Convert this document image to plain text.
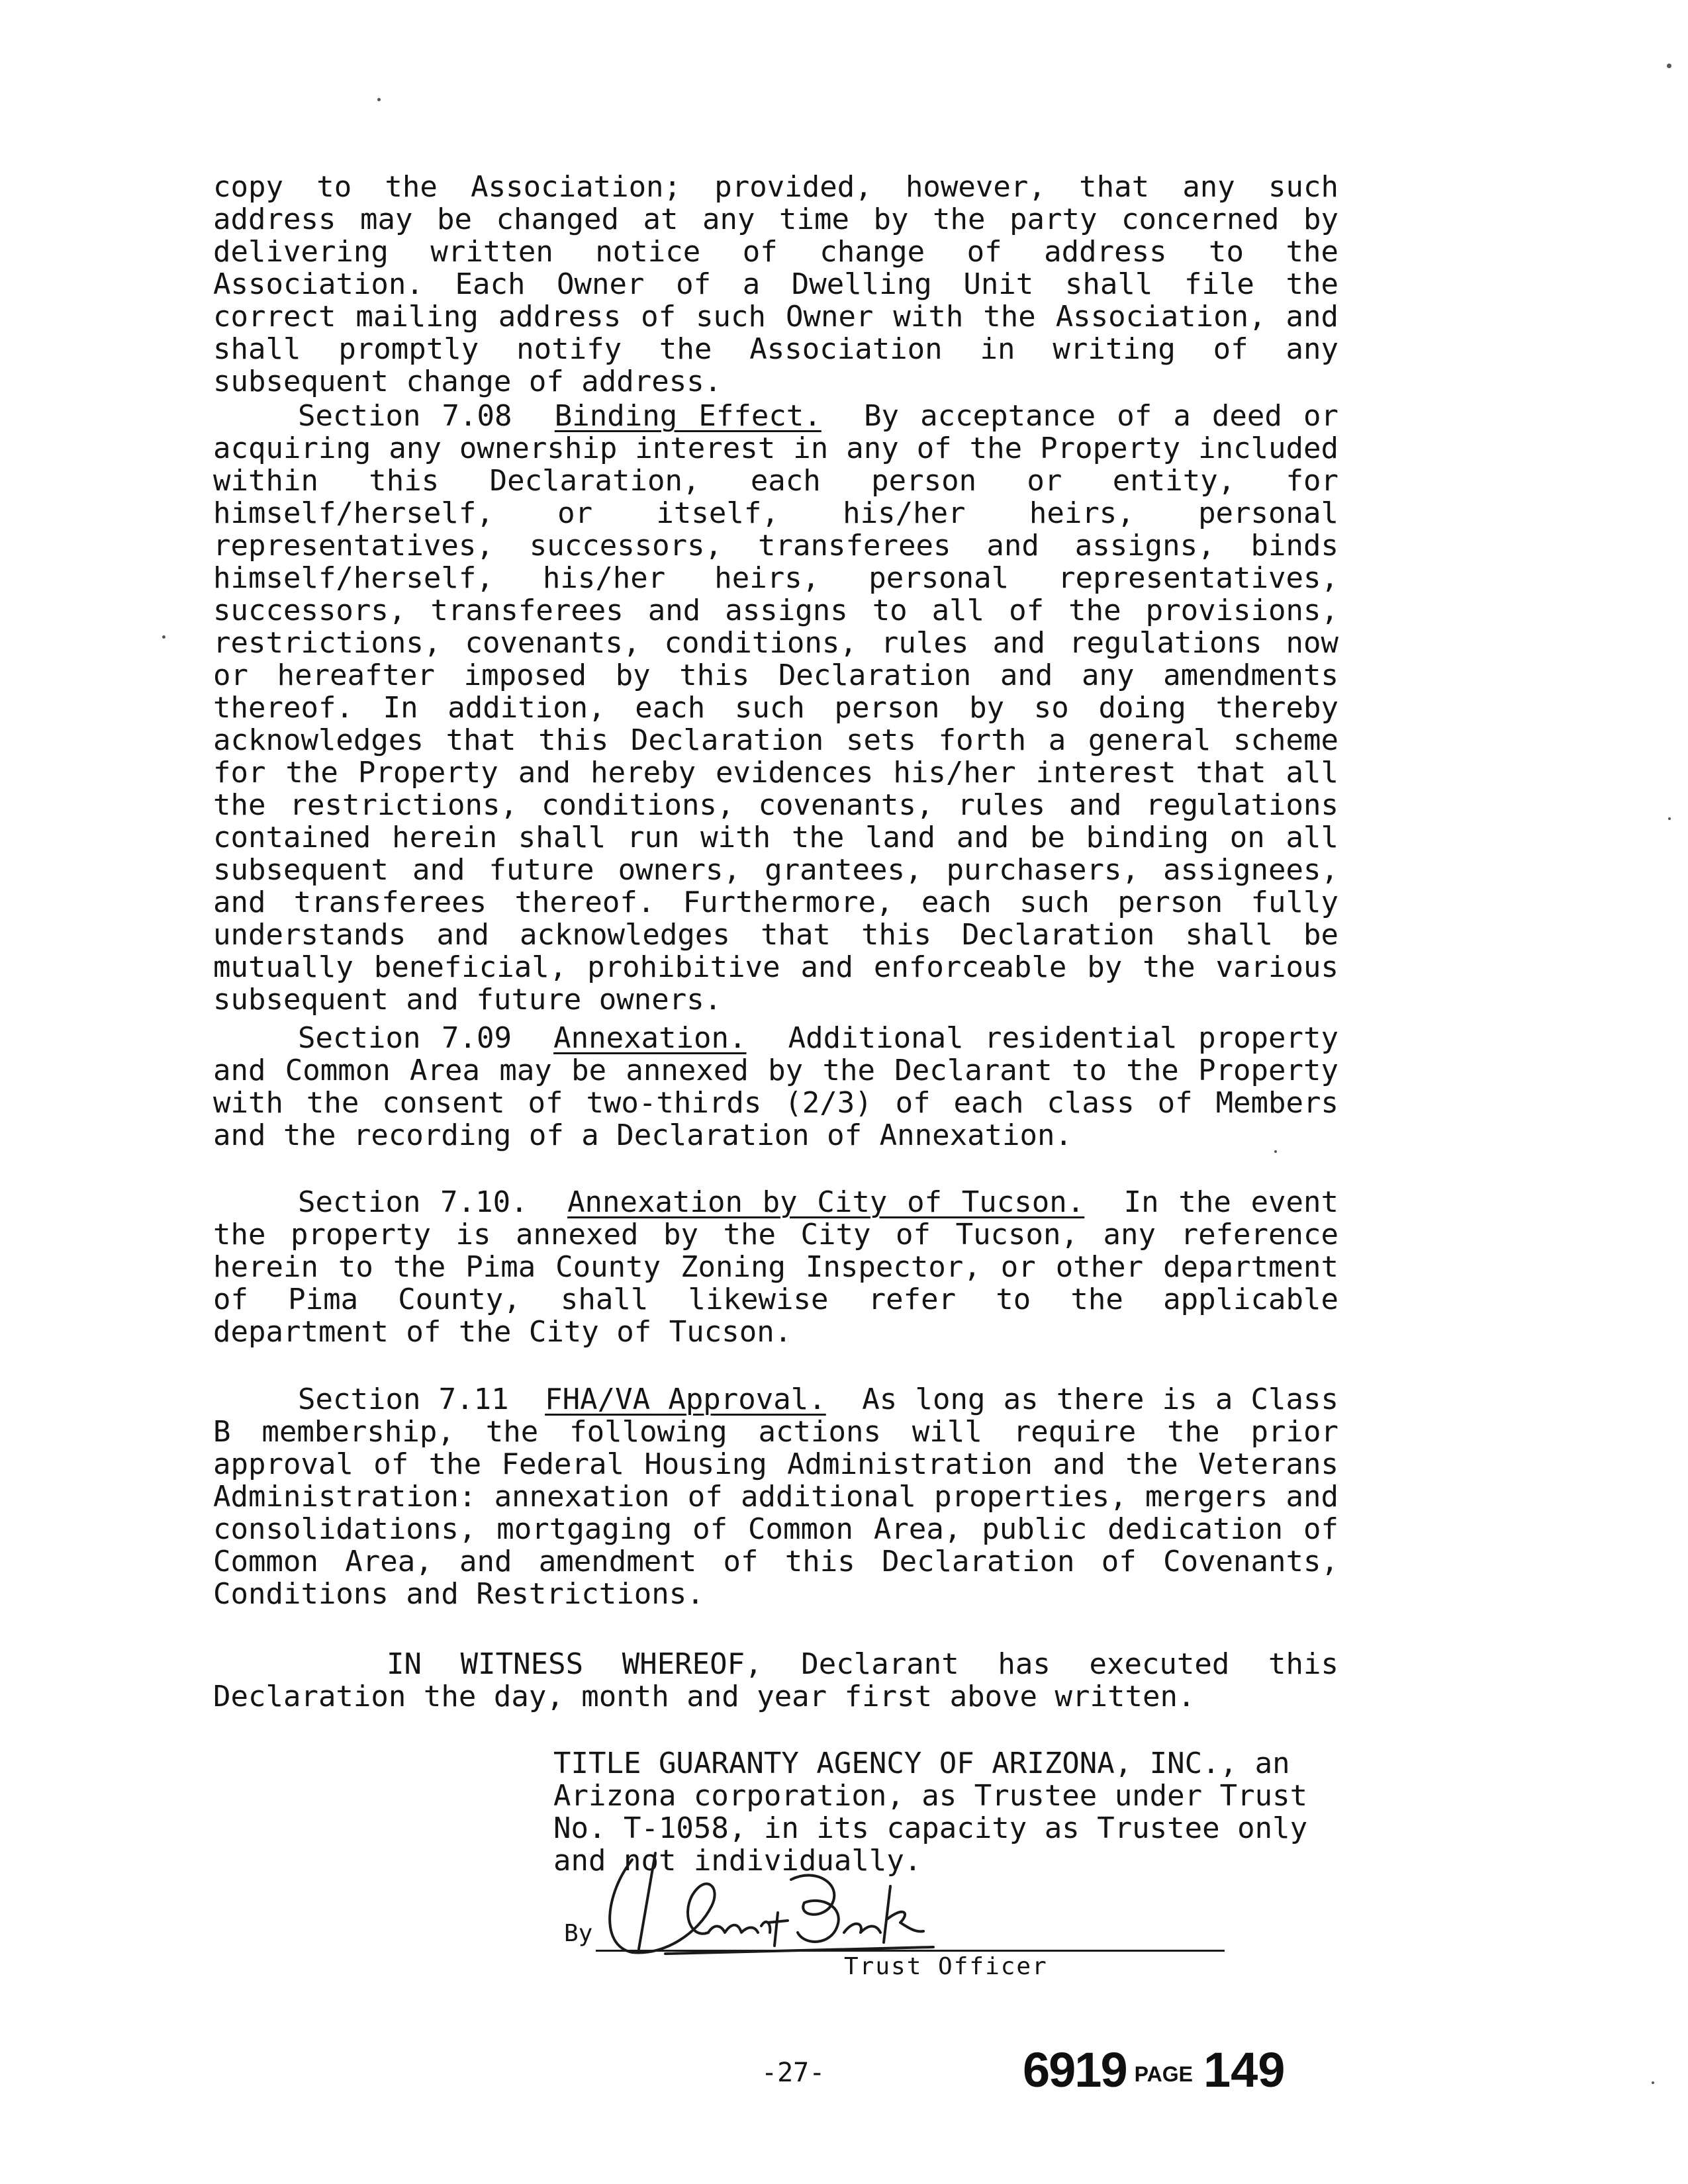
copy to the Association; provided, however, that any such address may be changed at any time by the party concerned by delivering written notice of change of address to the Association. Each Owner of a Dwelling Unit shall file the correct mailing address of such Owner with the Association, and shall promptly notify the Association in writing of any subsequent change of address.

Section 7.08 Binding Effect. By acceptance of a deed or acquiring any ownership interest in any of the Property included within this Declaration, each person or entity, for himself/herself, or itself, his/her heirs, personal representatives, successors, transferees and assigns, binds himself/herself, his/her heirs, personal representatives, successors, transferees and assigns to all of the provisions, restrictions, covenants, conditions, rules and regulations now or hereafter imposed by this Declaration and any amendments thereof. In addition, each such person by so doing thereby acknowledges that this Declaration sets forth a general scheme for the Property and hereby evidences his/her interest that all the restrictions, conditions, covenants, rules and regulations contained herein shall run with the land and be binding on all subsequent and future owners, grantees, purchasers, assignees, and transferees thereof. Furthermore, each such person fully understands and acknowledges that this Declaration shall be mutually beneficial, prohibitive and enforceable by the various subsequent and future owners.

Section 7.09 Annexation. Additional residential property and Common Area may be annexed by the Declarant to the Property with the consent of two-thirds (2/3) of each class of Members and the recording of a Declaration of Annexation.

Section 7.10. Annexation by City of Tucson. In the event the property is annexed by the City of Tucson, any reference herein to the Pima County Zoning Inspector, or other department of Pima County, shall likewise refer to the applicable department of the City of Tucson.

Section 7.11 FHA/VA Approval. As long as there is a Class B membership, the following actions will require the prior approval of the Federal Housing Administration and the Veterans Administration: annexation of additional properties, mergers and consolidations, mortgaging of Common Area, public dedication of Common Area, and amendment of this Declaration of Covenants, Conditions and Restrictions.

IN WITNESS WHEREOF, Declarant has executed this Declaration the day, month and year first above written.

TITLE GUARANTY AGENCY OF ARIZONA, INC., an
Arizona corporation, as Trustee under Trust
No. T-1058, in its capacity as Trustee only
and not individually.
By
Trust Officer
-27-	6919 PAGE 149
